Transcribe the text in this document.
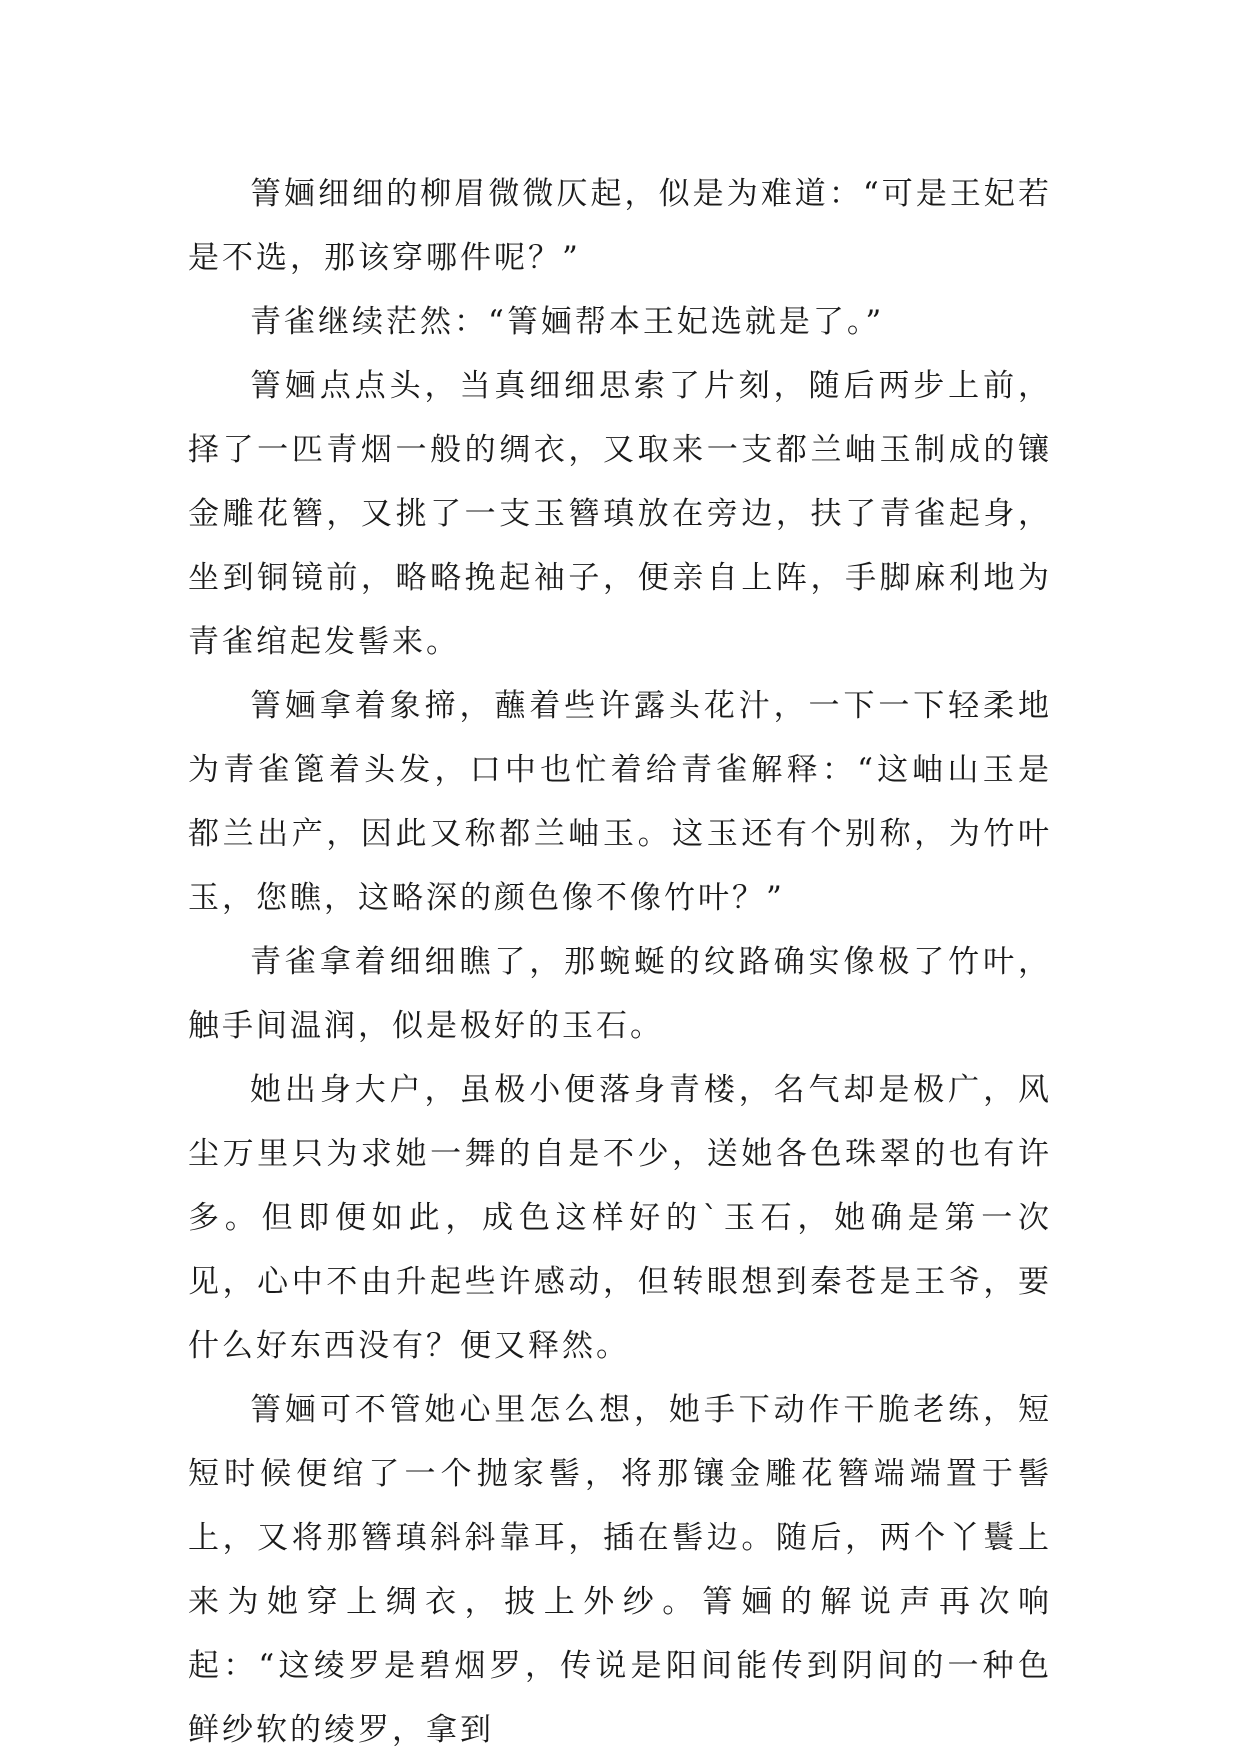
箐婳细细的柳眉微微仄起，似是为难道：“可是王妃若是不选，那该穿哪件呢？”

青雀继续茫然：“箐婳帮本王妃选就是了。”

箐婳点点头，当真细细思索了片刻，随后两步上前，择了一匹青烟一般的绸衣，又取来一支都兰岫玉制成的镶金雕花簪，又挑了一支玉簪瑱放在旁边，扶了青雀起身，坐到铜镜前，略略挽起袖子，便亲自上阵，手脚麻利地为青雀绾起发髻来。

箐婳拿着象揥，蘸着些许露头花汁，一下一下轻柔地为青雀篦着头发，口中也忙着给青雀解释：“这岫山玉是都兰出产，因此又称都兰岫玉。这玉还有个别称，为竹叶玉，您瞧，这略深的颜色像不像竹叶？”

青雀拿着细细瞧了，那蜿蜒的纹路确实像极了竹叶，触手间温润，似是极好的玉石。

她出身大户，虽极小便落身青楼，名气却是极广，风尘万里只为求她一舞的自是不少，送她各色珠翠的也有许多。但即便如此，成色这样好的`玉石，她确是第一次见，心中不由升起些许感动，但转眼想到秦苍是王爷，要什么好东西没有？便又释然。

箐婳可不管她心里怎么想，她手下动作干脆老练，短短时候便绾了一个抛家髻，将那镶金雕花簪端端置于髻上，又将那簪瑱斜斜靠耳，插在髻边。随后，两个丫鬟上来为她穿上绸衣，披上外纱。箐婳的解说声再次响起：“这绫罗是碧烟罗，传说是阳间能传到阴间的一种色鲜纱软的绫罗，拿到
